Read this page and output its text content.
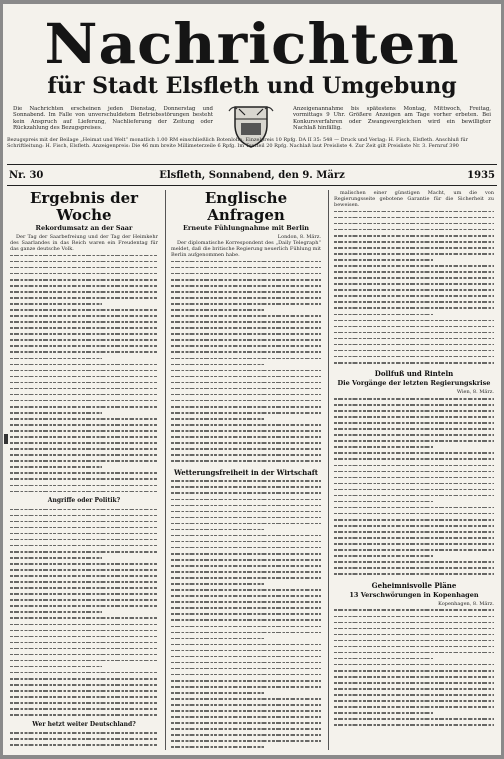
Nachrichten
für Stadt Elsfleth und Umgebung
Die Nachrichten erscheinen jeden Dienstag, Donnerstag und Sonnabend. Im Falle von unverschuldetem Betriebsstörungen besteht kein Anspruch auf Lieferung, Nachlieferung der Zeitung oder Rückzahlung des Bezugspreises.
Anzeigenannahme bis spätestens Montag, Mittwoch, Freitag, vormittags 9 Uhr. Größere Anzeigen am Tage vorher erbeten. Bei Konkursverfahren oder Zwangsvergleichen wird ein bewilligter Nachlaß hinfällig.
Bezugspreis mit der Beilage „Heimat und Welt“ monatlich 1.00 RM einschließlich Botenlohn. Einzelpreis 10 Rpfg. DA II 35: 548 — Druck und Verlag: H. Fisch, Elsfleth. Anschluß für Schriftleitung: H. Fisch, Elsfleth. Anzeigenpreis: Die 46 mm breite Millimeterzeile 6 Rpfg. Im Textteil 20 Rpfg. Nachlaß laut Preisliste 4. Zur Zeit gilt Preisliste Nr. 3. Fernruf 390
Nr. 30	Elsfleth, Sonnabend, den 9. März	1935
Ergebnis der Woche
Rekordumsatz an der Saar

Der Tag der Saarbefreiung und der Tag der Heimkehr des Saarlandes in das Reich waren ein Freudentag für das ganze deutsche Volk.

Angriffe oder Politik?
Wer hetzt weiter Deutschland?
Englische Anfragen
Erneute Fühlungnahme mit Berlin
London, 8. März.

Der diplomatische Korrespondent des „Daily Telegraph“ meldet, daß die britische Regierung neuerlich Fühlung mit Berlin aufgenommen habe.

Wetterungsfreiheit in der Wirtschaft

malischen einer günstigen Macht, um die von Regierungsseite gebotene Garantie für die Sicherheit zu beweisen.

Dollfuß und Rinteln
Die Vorgänge der letzten Regierungskrise
Wien, 8. März.
Geheimnisvolle Pläne
13 Verschwörungen in Kopenhagen
Kopenhagen, 8. März.
